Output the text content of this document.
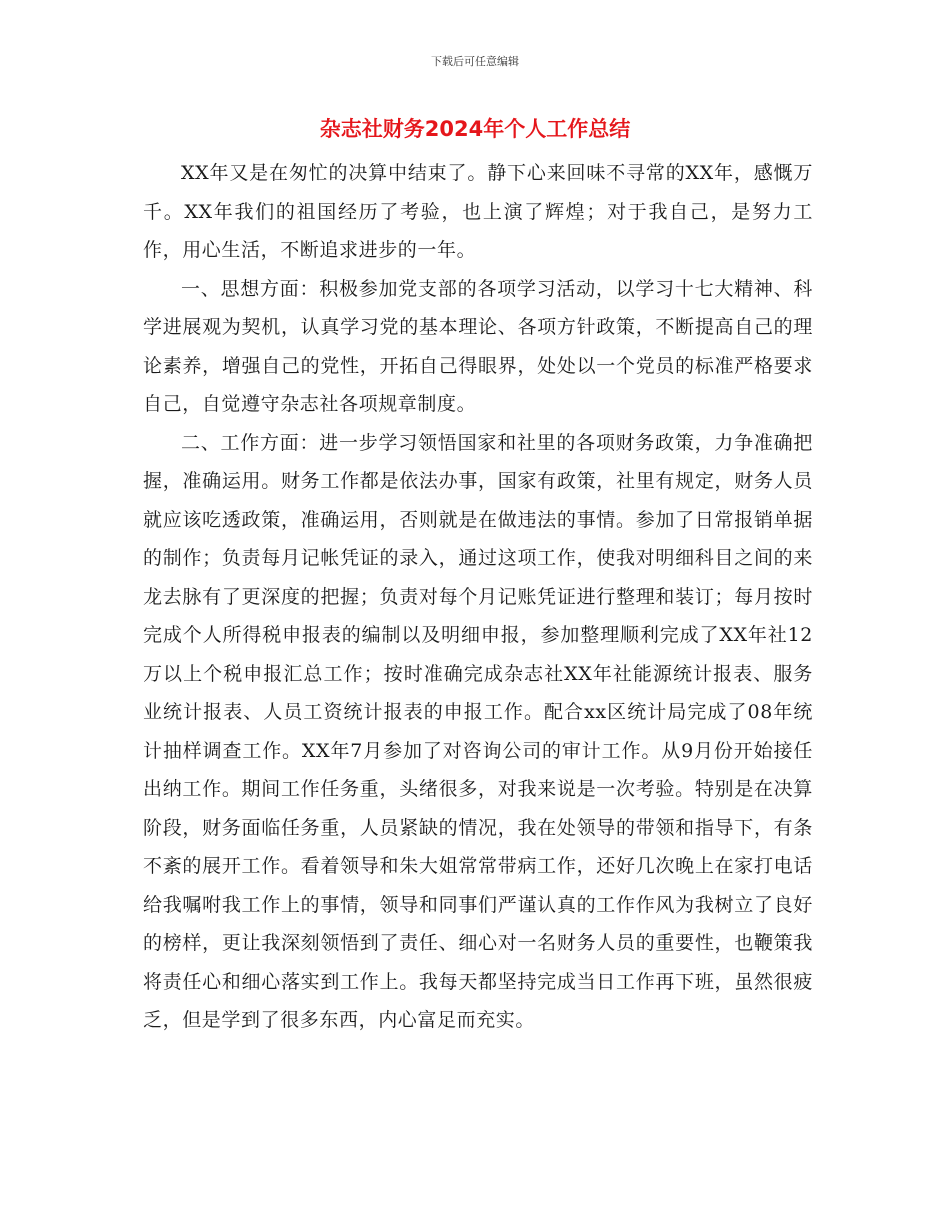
下载后可任意编辑
杂志社财务2024年个人工作总结

XX年又是在匆忙的决算中结束了。静下心来回味不寻常的XX年，感慨万千。XX年我们的祖国经历了考验，也上演了辉煌；对于我自己，是努力工作，用心生活，不断追求进步的一年。

一、思想方面：积极参加党支部的各项学习活动，以学习十七大精神、科学进展观为契机，认真学习党的基本理论、各项方针政策，不断提高自己的理论素养，增强自己的党性，开拓自己得眼界，处处以一个党员的标准严格要求自己，自觉遵守杂志社各项规章制度。

二、工作方面：进一步学习领悟国家和社里的各项财务政策，力争准确把握，准确运用。财务工作都是依法办事，国家有政策，社里有规定，财务人员就应该吃透政策，准确运用，否则就是在做违法的事情。参加了日常报销单据的制作；负责每月记帐凭证的录入，通过这项工作，使我对明细科目之间的来龙去脉有了更深度的把握；负责对每个月记账凭证进行整理和装订；每月按时完成个人所得税申报表的编制以及明细申报，参加整理顺利完成了XX年社12万以上个税申报汇总工作；按时准确完成杂志社XX年社能源统计报表、服务业统计报表、人员工资统计报表的申报工作。配合xx区统计局完成了08年统计抽样调查工作。XX年7月参加了对咨询公司的审计工作。从9月份开始接任出纳工作。期间工作任务重，头绪很多，对我来说是一次考验。特别是在决算阶段，财务面临任务重，人员紧缺的情况，我在处领导的带领和指导下，有条不紊的展开工作。看着领导和朱大姐常常带病工作，还好几次晚上在家打电话给我嘱咐我工作上的事情，领导和同事们严谨认真的工作作风为我树立了良好的榜样，更让我深刻领悟到了责任、细心对一名财务人员的重要性，也鞭策我将责任心和细心落实到工作上。我每天都坚持完成当日工作再下班，虽然很疲乏，但是学到了很多东西，内心富足而充实。
